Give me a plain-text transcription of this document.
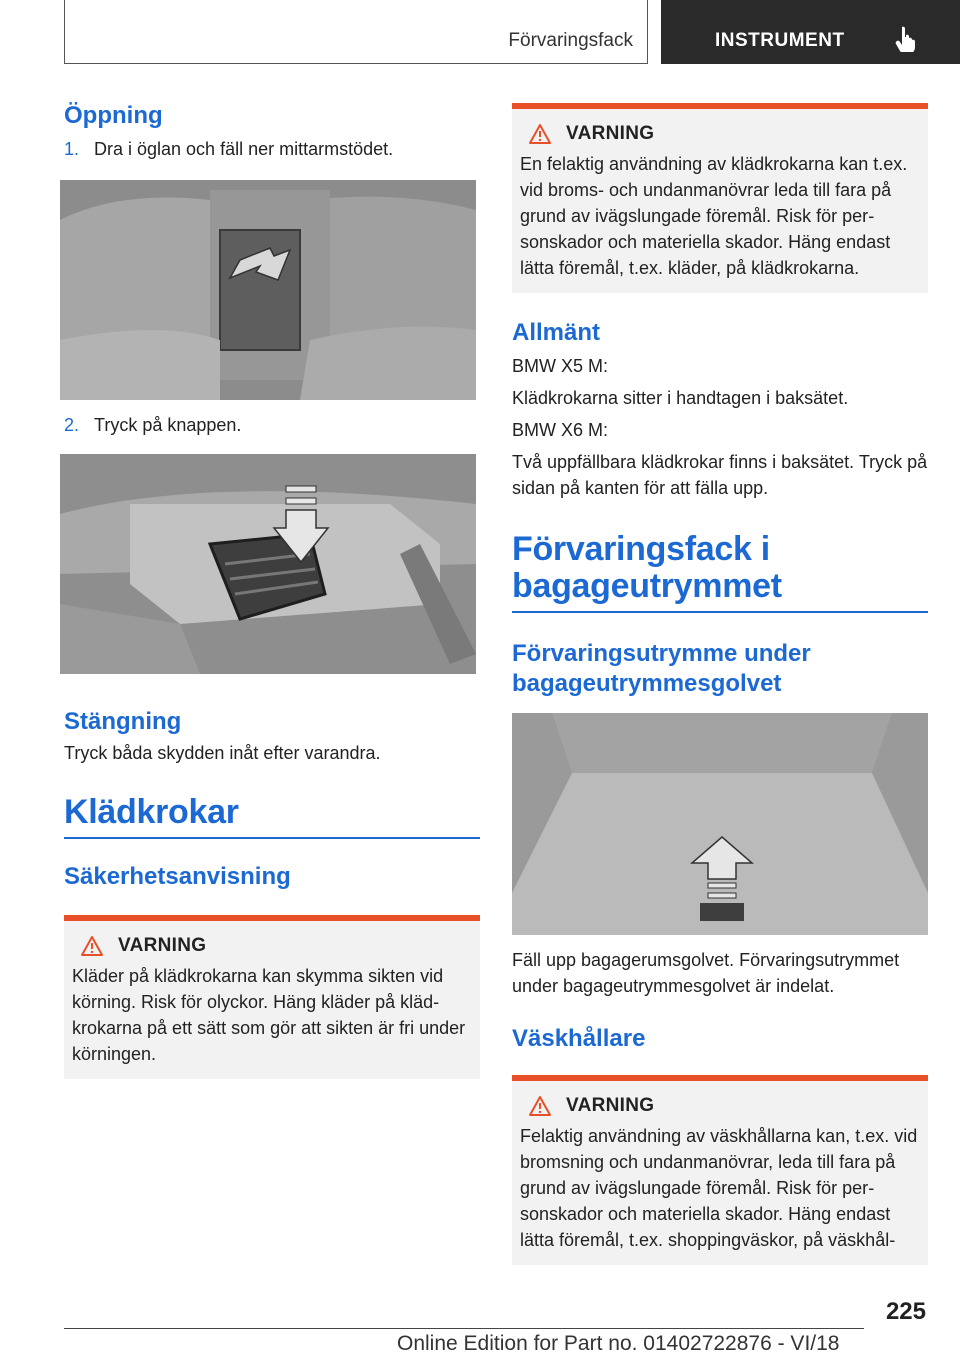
Förvaringsfack	INSTRUMENT
Öppning
1. Dra i öglan och fäll ner mittarmstödet.
2. Tryck på knappen.
Stängning

Tryck båda skydden inåt efter varandra.

Klädkrokar
Säkerhetsanvisning
VARNING
Kläder på klädkrokarna kan skymma sikten vid körning. Risk för olyckor. Häng kläder på klädkrokarna på ett sätt som gör att sikten är fri under körningen.
VARNING
En felaktig användning av klädkrokarna kan t.ex. vid broms- och undanmanövrar leda till fara på grund av ivägslungade föremål. Risk för personskador och materiella skador. Häng endast lätta föremål, t.ex. kläder, på klädkrokarna.
Allmänt

BMW X5 M:

Klädkrokarna sitter i handtagen i baksätet.

BMW X6 M:

Två uppfällbara klädkrokar finns i baksätet. Tryck på sidan på kanten för att fälla upp.

Förvaringsfack i bagageutrymmet
Förvaringsutrymme under bagageutrymmesgolvet

Fäll upp bagagerumsgolvet. Förvaringsutrymmet under bagageutrymmesgolvet är indelat.

Väskhållare
VARNING
Felaktig användning av väskhållarna kan, t.ex. vid bromsning och undanmanövrar, leda till fara på grund av ivägslungade föremål. Risk för personskador och materiella skador. Häng endast lätta föremål, t.ex. shoppingväskor, på väskhål-
225
Online Edition for Part no. 01402722876 - VI/18
